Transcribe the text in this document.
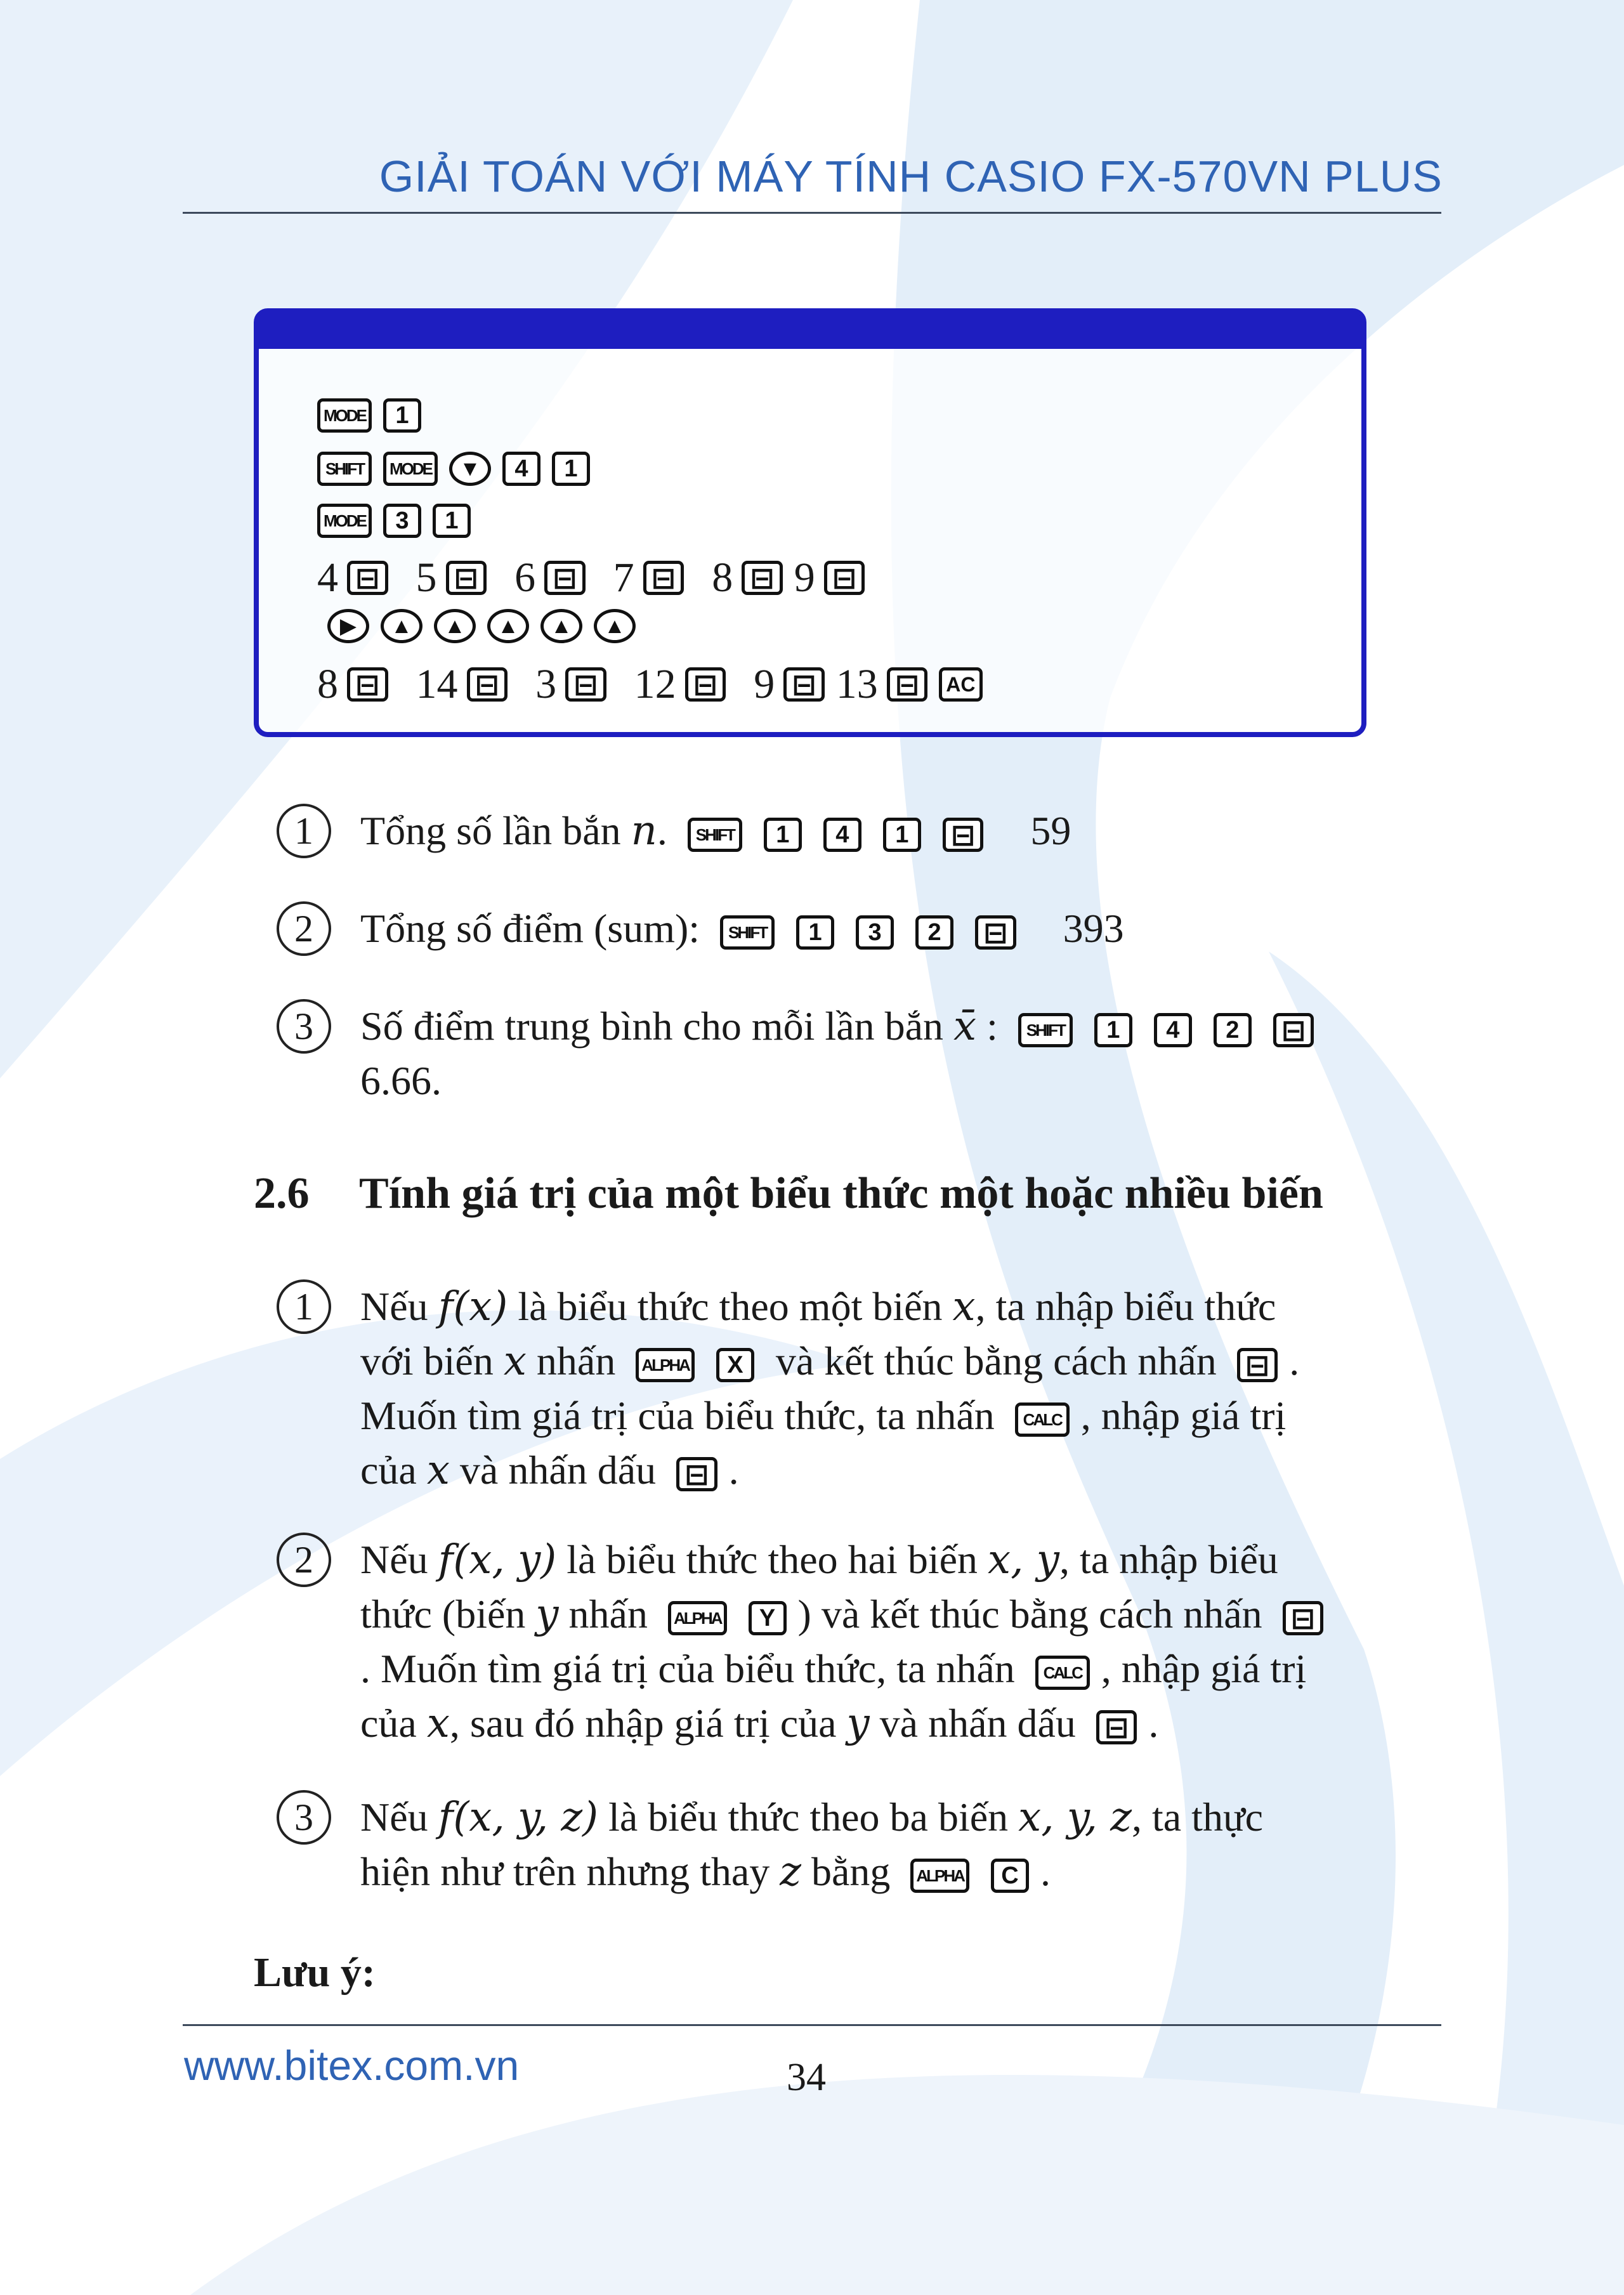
GIẢI TOÁN VỚI MÁY TÍNH CASIO FX-570VN PLUS
MODE	1
SHIFT	MODE	▼	4	1
MODE	3	1
4 ⊟ 5 ⊟ 6 ⊟ 7 ⊟ 8 ⊟ 9 ⊟
▶	▲	▲	▲	▲	▲
8 ⊟ 14 ⊟ 3 ⊟ 12 ⊟ 9 ⊟ 13 ⊟	AC
1	Tổng số lần bắn n.  SHIFT 1 4 1 ⊟ 59
2	Tổng số điểm (sum): SHIFT 1 3 2 ⊟ 393
3	Số điểm trung bình cho mỗi lần bắn x̄ :  SHIFT 1 4 2 ⊟
6.66.
2.6 Tính giá trị của một biểu thức một hoặc nhiều biến
1	Nếu f(x) là biểu thức theo một biến x, ta nhập biểu thức
với biến x nhấn ALPHA X và kết thúc bằng cách nhấn ⊟ .
Muốn tìm giá trị của biểu thức, ta nhấn CALC , nhập giá trị
của x và nhấn dấu ⊟ .
2	Nếu f(x, y) là biểu thức theo hai biến x, y, ta nhập biểu
thức (biến y nhấn ALPHA Y ) và kết thúc bằng cách nhấn ⊟
. Muốn tìm giá trị của biểu thức, ta nhấn CALC , nhập giá trị
của x, sau đó nhập giá trị của y và nhấn dấu ⊟ .
3	Nếu f(x, y, z) là biểu thức theo ba biến x, y, z, ta thực
hiện như trên nhưng thay z bằng ALPHA C .
Lưu ý:
www.bitex.com.vn	34
